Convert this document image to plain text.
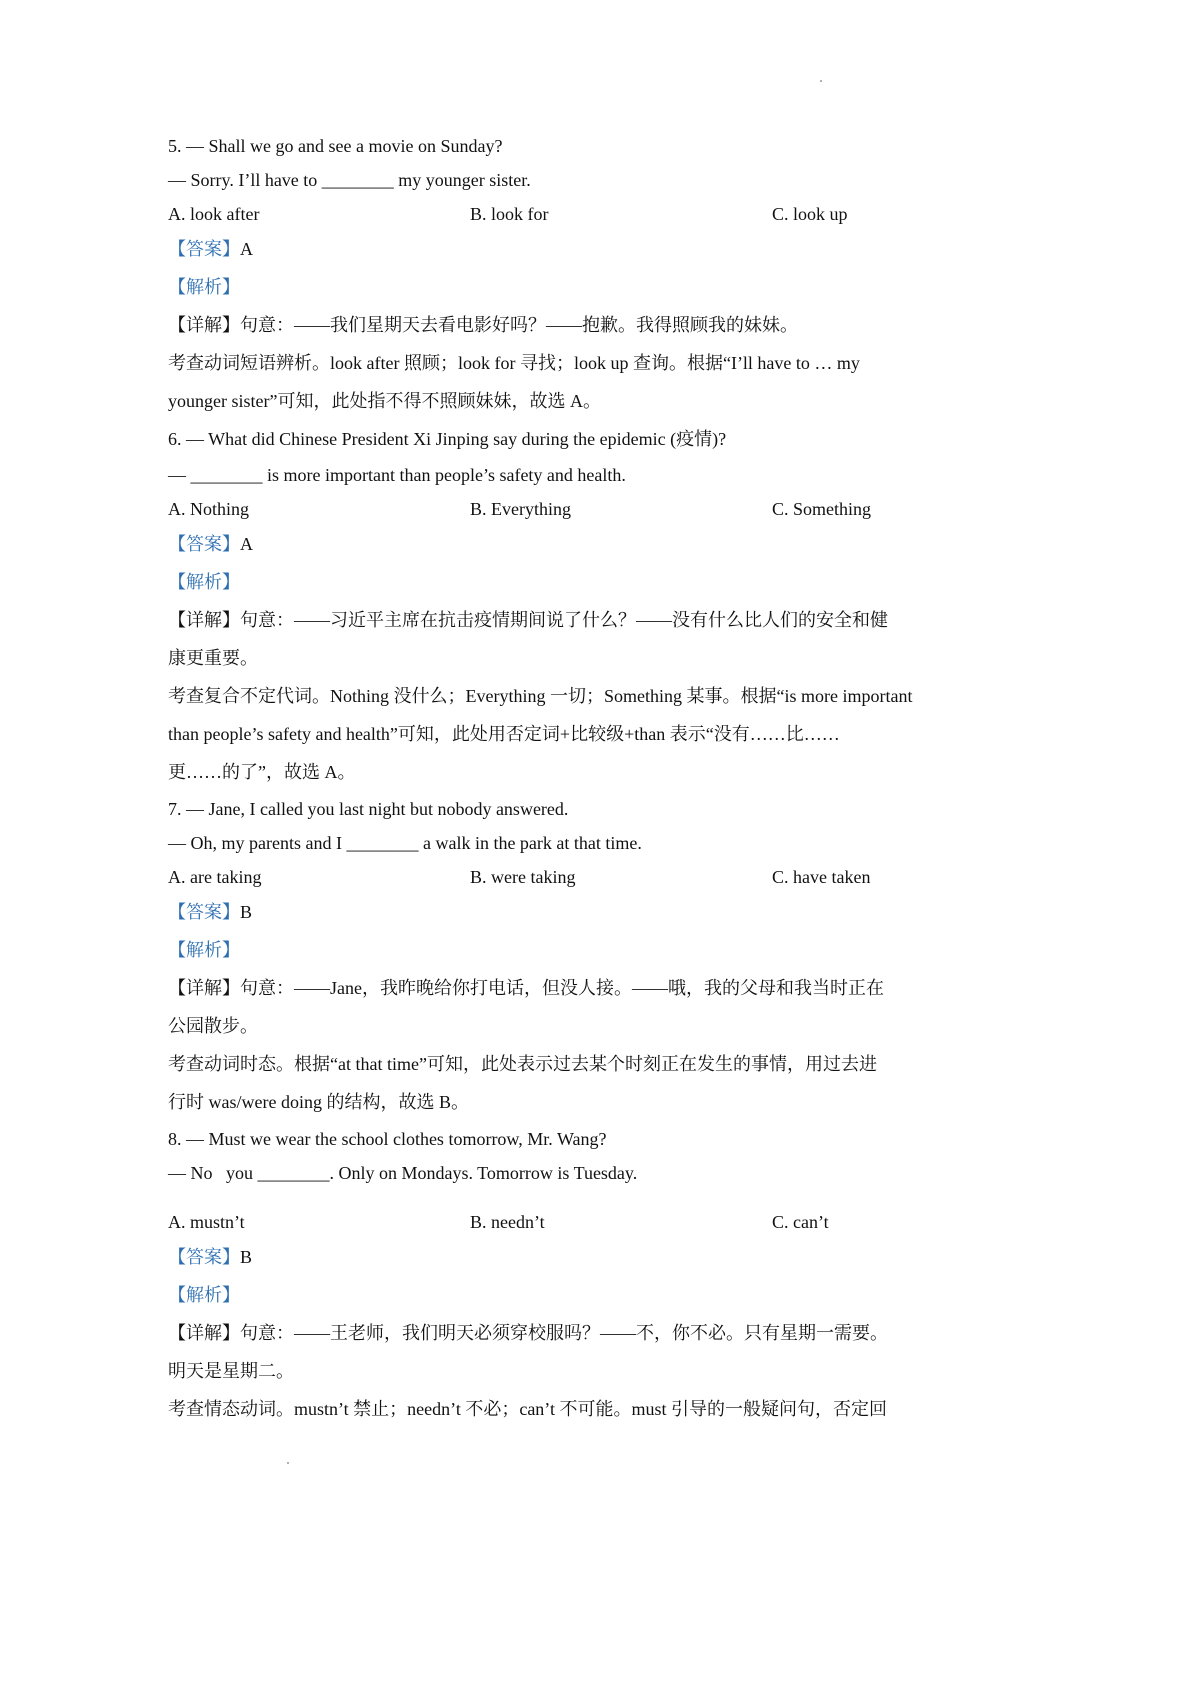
5. — Shall we go and see a movie on Sunday?
— Sorry. I’ll have to ________ my younger sister.
A. look after	B. look for	C. look up
【答案】A
【解析】
【详解】句意：——我们星期天去看电影好吗？——抱歉。我得照顾我的妹妹。
考查动词短语辨析。look after 照顾；look for 寻找；look up 查询。根据“I’ll have to … my
younger sister”可知，此处指不得不照顾妹妹，故选 A。
6. — What did Chinese President Xi Jinping say during the epidemic (疫情)?
— ________ is more important than people’s safety and health.
A. Nothing	B. Everything	C. Something
【答案】A
【解析】
【详解】句意：——习近平主席在抗击疫情期间说了什么？——没有什么比人们的安全和健
康更重要。
考查复合不定代词。Nothing 没什么；Everything 一切；Something 某事。根据“is more important
than people’s safety and health”可知，此处用否定词+比较级+than 表示“没有……比……
更……的了”，故选 A。
7. — Jane, I called you last night but nobody answered.
— Oh, my parents and I ________ a walk in the park at that time.
A. are taking	B. were taking	C. have taken
【答案】B
【解析】
【详解】句意：——Jane，我昨晚给你打电话，但没人接。——哦，我的父母和我当时正在
公园散步。
考查动词时态。根据“at that time”可知，此处表示过去某个时刻正在发生的事情，用过去进
行时 was/were doing 的结构，故选 B。
8. — Must we wear the school clothes tomorrow, Mr. Wang?
— No   you ________. Only on Mondays. Tomorrow is Tuesday.
A. mustn’t	B. needn’t	C. can’t
【答案】B
【解析】
【详解】句意：——王老师，我们明天必须穿校服吗？——不，你不必。只有星期一需要。
明天是星期二。
考查情态动词。mustn’t 禁止；needn’t 不必；can’t 不可能。must 引导的一般疑问句，否定回
